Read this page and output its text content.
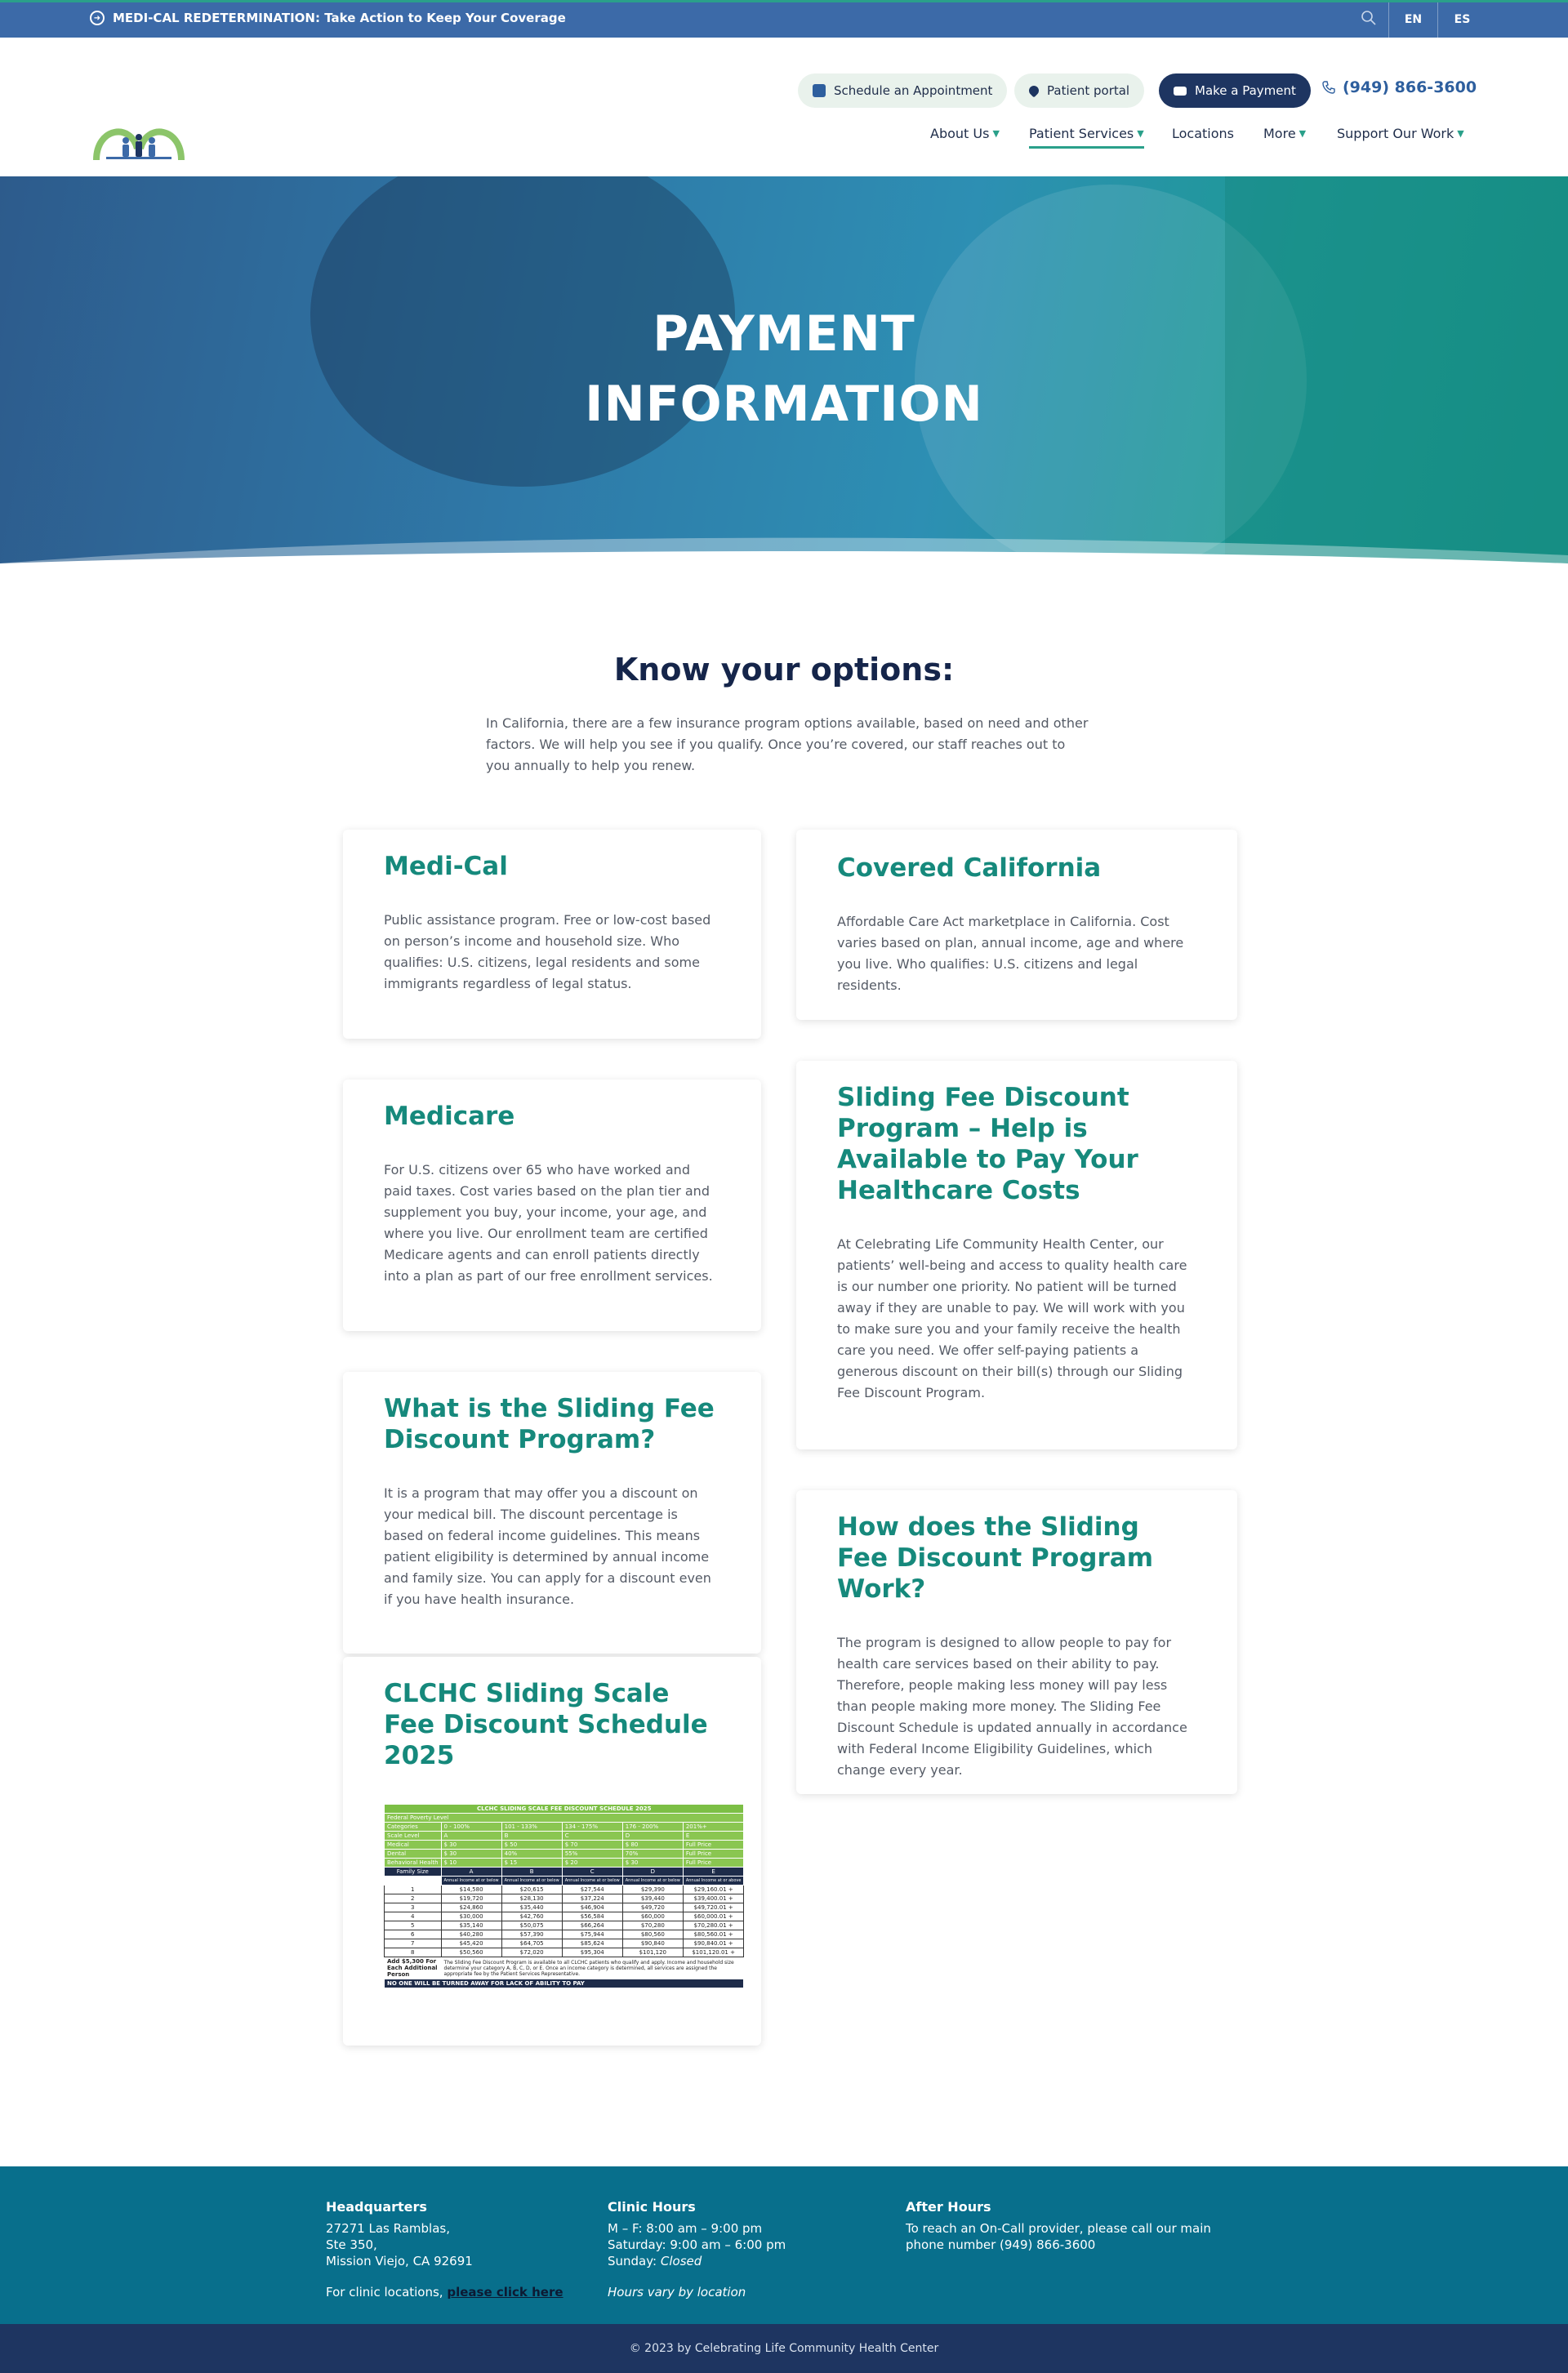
➜ MEDI-CAL REDETERMINATION: Take Action to Keep Your Coverage	EN	ES
Schedule an Appointment	Patient portal	Make a Payment	(949) 866-3600
About Us ▼ Patient Services ▼ Locations More ▼ Support Our Work ▼
PAYMENT
INFORMATION
Know your options:

In California, there are a few insurance program options available, based on need and other factors. We will help you see if you qualify. Once you’re covered, our staff reaches out to you annually to help you renew.

Medi-Cal

Public assistance program. Free or low-cost based on person’s income and household size. Who qualifies: U.S. citizens, legal residents and some immigrants regardless of legal status.

Covered California

Affordable Care Act marketplace in California. Cost varies based on plan, annual income, age and where you live. Who qualifies: U.S. citizens and legal residents.

Medicare

For U.S. citizens over 65 who have worked and paid taxes. Cost varies based on the plan tier and supplement you buy, your income, your age, and where you live. Our enrollment team are certified Medicare agents and can enroll patients directly into a plan as part of our free enrollment services.

Sliding Fee Discount Program – Help is Available to Pay Your Healthcare Costs

At Celebrating Life Community Health Center, our patients’ well-being and access to quality health care is our number one priority. No patient will be turned away if they are unable to pay. We will work with you to make sure you and your family receive the health care you need. We offer self-paying patients a generous discount on their bill(s) through our Sliding Fee Discount Program.

What is the Sliding Fee Discount Program?

It is a program that may offer you a discount on your medical bill. The discount percentage is based on federal income guidelines. This means patient eligibility is determined by annual income and family size. You can apply for a discount even if you have health insurance.

How does the Sliding Fee Discount Program Work?

The program is designed to allow people to pay for health care services based on their ability to pay. Therefore, people making less money will pay less than people making more money. The Sliding Fee Discount Schedule is updated annually in accordance with Federal Income Eligibility Guidelines, which change every year.

CLCHC Sliding Scale Fee Discount Schedule 2025
CLCHC SLIDING SCALE FEE DISCOUNT SCHEDULE 2025					
Federal Poverty Level					
Categories	0 - 100%	101 - 133%	134 - 175%	176 - 200%	201%+
Scale Level	A	B	C	D	E
Medical	$ 30	$ 50	$ 70	$ 80	Full Price
Dental	$ 30	40%	55%	70%	Full Price
Behavioral Health	$ 10	$ 15	$ 20	$ 30	Full Price
Family Size	A	B	C	D	E
	Annual Income at or below	Annual Income at or below	Annual Income at or below	Annual Income at or below	Annual Income at or above
1	$14,580	$20,615	$27,544	$29,390	$29,160.01 +
2	$19,720	$28,130	$37,224	$39,440	$39,400.01 +
3	$24,860	$35,440	$46,904	$49,720	$49,720.01 +
4	$30,000	$42,760	$56,584	$60,000	$60,000.01 +
5	$35,140	$50,075	$66,264	$70,280	$70,280.01 +
6	$40,280	$57,390	$75,944	$80,560	$80,560.01 +
7	$45,420	$64,705	$85,624	$90,840	$90,840.01 +
8	$50,560	$72,020	$95,304	$101,120	$101,120.01 +
Add $5,300 For Each Additional Person	The Sliding Fee Discount Program is available to all CLCHC patients who qualify and apply. Income and household size determine your category A, B, C, D, or E. Once an income category is determined, all services are assigned the appropriate fee by the Patient Services Representative.				
NO ONE WILL BE TURNED AWAY FOR LACK OF ABILITY TO PAY					
Headquarters
27271 Las Ramblas,
Ste 350,
Mission Viejo, CA 92691
For clinic locations, please click here
Clinic Hours
M – F: 8:00 am – 9:00 pm
Saturday: 9:00 am – 6:00 pm
Sunday: Closed
Hours vary by location
After Hours
To reach an On-Call provider, please call our main phone number (949) 866-3600
© 2023 by Celebrating Life Community Health Center
